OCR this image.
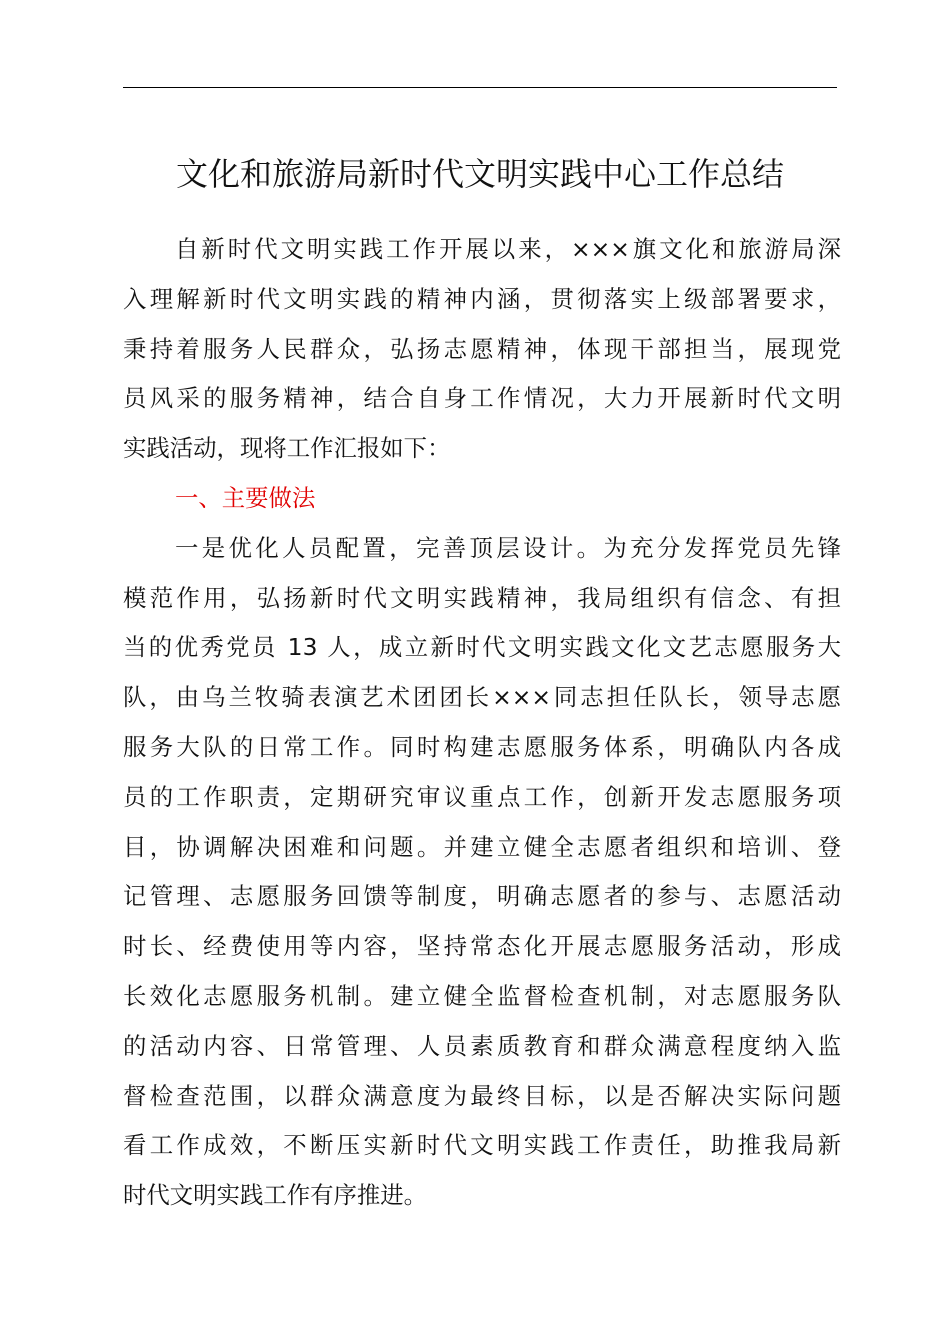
文化和旅游局新时代文明实践中心工作总结
自新时代文明实践工作开展以来，×××旗文化和旅游局深
入理解新时代文明实践的精神内涵，贯彻落实上级部署要求，
秉持着服务人民群众，弘扬志愿精神，体现干部担当，展现党
员风采的服务精神，结合自身工作情况，大力开展新时代文明
实践活动，现将工作汇报如下：
一、主要做法
一是优化人员配置，完善顶层设计。为充分发挥党员先锋
模范作用，弘扬新时代文明实践精神，我局组织有信念、有担
当的优秀党员 13 人，成立新时代文明实践文化文艺志愿服务大
队，由乌兰牧骑表演艺术团团长×××同志担任队长，领导志愿
服务大队的日常工作。同时构建志愿服务体系，明确队内各成
员的工作职责，定期研究审议重点工作，创新开发志愿服务项
目，协调解决困难和问题。并建立健全志愿者组织和培训、登
记管理、志愿服务回馈等制度，明确志愿者的参与、志愿活动
时长、经费使用等内容，坚持常态化开展志愿服务活动，形成
长效化志愿服务机制。建立健全监督检查机制，对志愿服务队
的活动内容、日常管理、人员素质教育和群众满意程度纳入监
督检查范围，以群众满意度为最终目标，以是否解决实际问题
看工作成效，不断压实新时代文明实践工作责任，助推我局新
时代文明实践工作有序推进。
